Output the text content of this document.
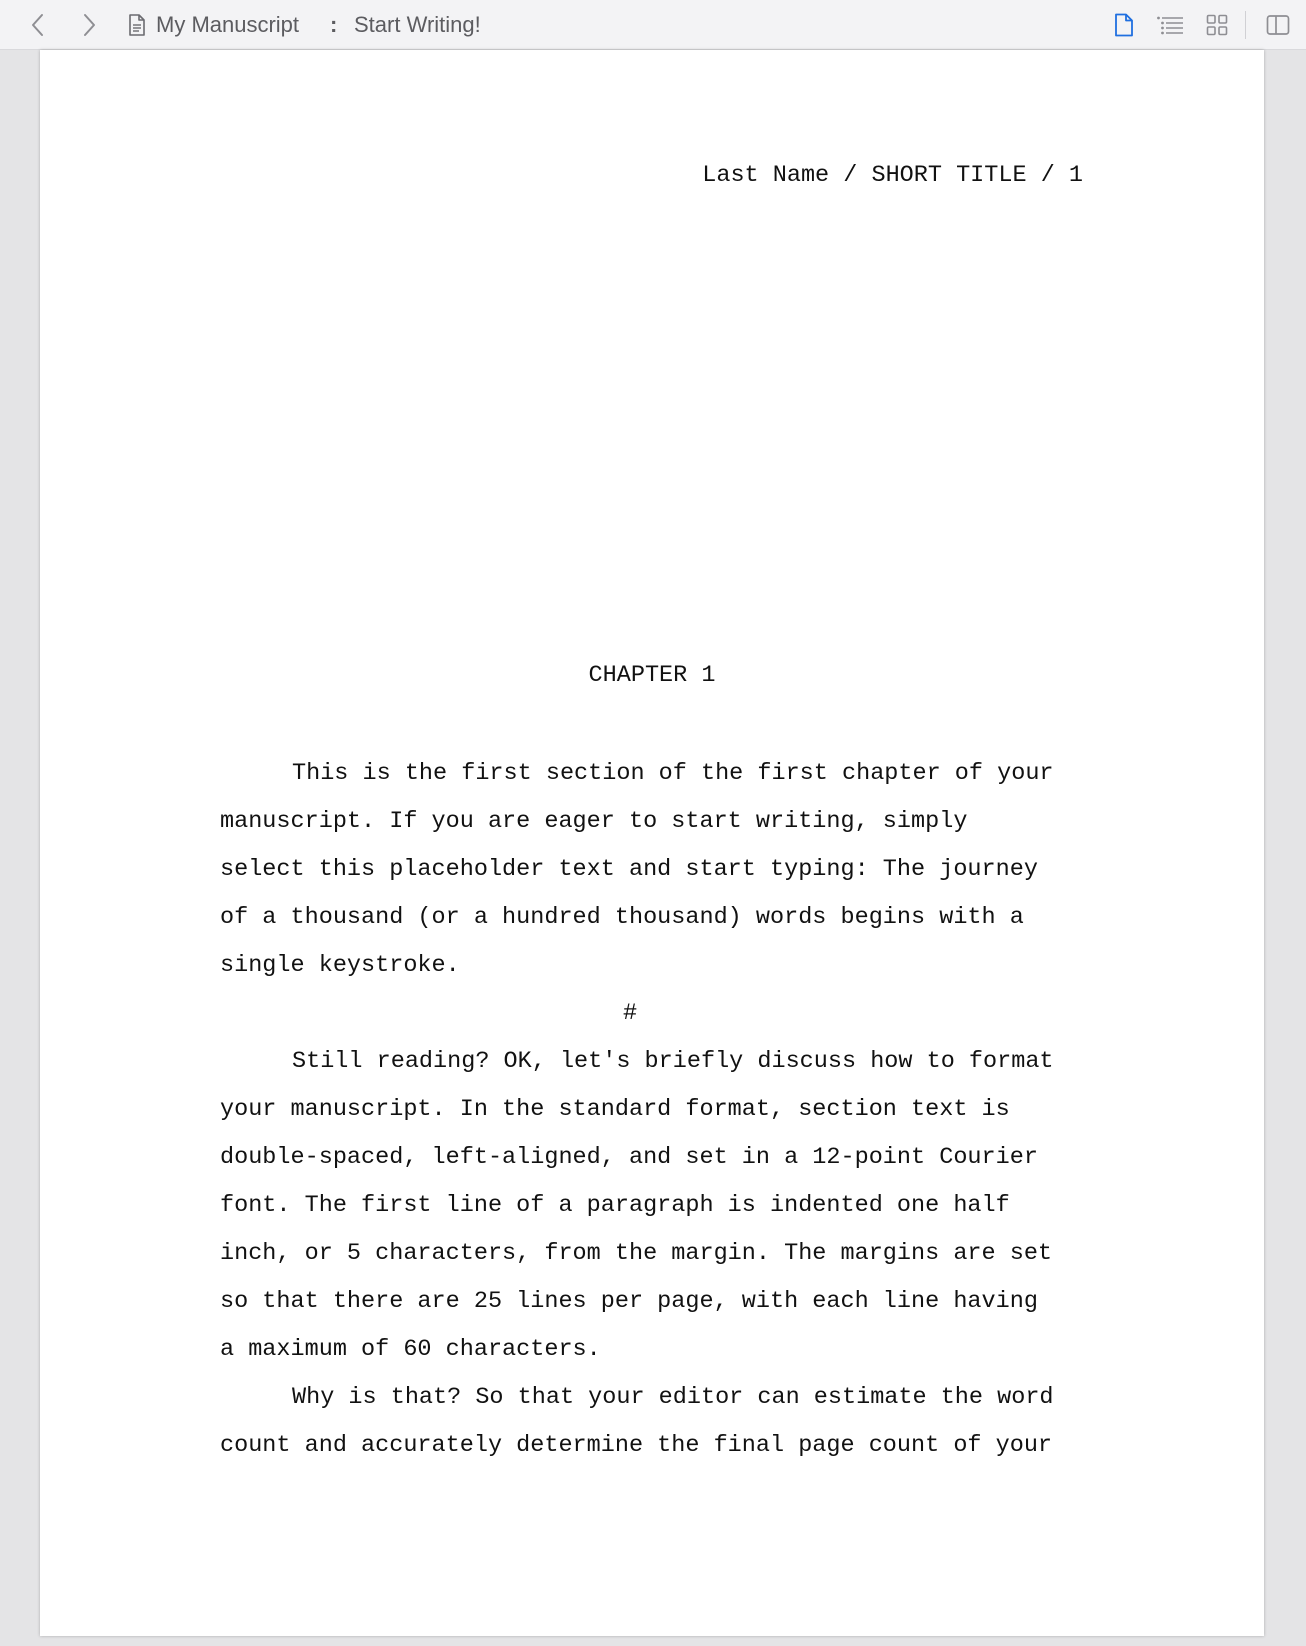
My Manuscript : Start Writing!
Last Name / SHORT TITLE / 1
CHAPTER 1
This is the first section of the first chapter of your
manuscript. If you are eager to start writing, simply
select this placeholder text and start typing: The journey
of a thousand (or a hundred thousand) words begins with a
single keystroke.
#
Still reading? OK, let's briefly discuss how to format
your manuscript. In the standard format, section text is
double-spaced, left-aligned, and set in a 12-point Courier
font. The first line of a paragraph is indented one half
inch, or 5 characters, from the margin. The margins are set
so that there are 25 lines per page, with each line having
a maximum of 60 characters.
Why is that? So that your editor can estimate the word
count and accurately determine the final page count of your
